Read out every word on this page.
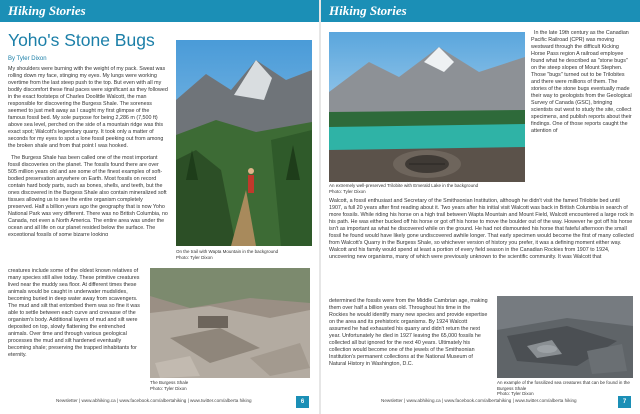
Hiking Stories
Yoho's Stone Bugs
By Tyler Dixon

My shoulders were burning with the weight of my pack. Sweat was rolling down my face, stinging my eyes. My lungs were working overtime from the last steep push to the top. But even with all my bodily discomfort these final paces were significant as they followed in the exact footsteps of Charles Doolittle Walcott, the man responsible for discovering the Burgess Shale. The soreness seemed to just melt away as I caught my first glimpse of the famous fossil bed. My sole purpose for being 2,286 m (7,500 ft) above sea level, perched on the side of a mountain ridge was this exact spot; Walcott's legendary quarry. It took only a matter of seconds for my eyes to spot a lone fossil peeking out from among the broken shale and from that point I was hooked.

The Burgess Shale has been called one of the most important fossil discoveries on the planet. The fossils found there are over 505 million years old and are some of the finest examples of soft-bodied preservation anywhere on Earth. Most fossils on record contain hard body parts, such as bones, shells, and teeth, but the ones discovered in the Burgess Shale also contain mineralized soft tissues allowing us to see the entire organism completely preserved. Half a billion years ago the geography that is now Yoho National Park was very different. There was no British Columbia, no Canada, not even a North America. The entire area was under the ocean and all life on our planet resided below the surface. The exceptional fossils of some bizarre looking

On the trail with Wapta Mountain in the background
Photo: Tyler Dixon

creatures include some of the oldest known relatives of many species still alive today. These primitive creatures lived near the muddy sea floor. At different times these animals would be caught in underwater mudslides, becoming buried in deep water away from scavengers. The mud and silt that entombed them was so fine it was able to settle between each curve and crevasse of the organism's body. Additional layers of mud and silt were deposited on top, slowly flattening the entrenched animals. Over time and through various geological processes the mud and silt hardened eventually becoming shale; preserving the trapped inhabitants for eternity.

The Burgess Shale
Photo: Tyler Dixon
Newsletter | www.abhiking.ca | www.facebook.com/albertahiking | www.twitter.com/alberta hiking	6
Hiking Stories
An extremely well-preserved Trilobite with Emerald Lake in the background
Photo: Tyler Dixon

In the late 19th century as the Canadian Pacific Railroad (CPR) was moving westward through the difficult Kicking Horse Pass region A railroad employee found what he described as "stone bugs" on the steep slopes of Mount Stephen. Those "bugs" turned out to be Trilobites and there were millions of them. The stories of the stone bugs eventually made their way to geologists from the Geological Survey of Canada (GSC), bringing scientists out west to study the site, collect specimens, and publish reports about their findings. One of those reports caught the attention of

Walcott, a fossil enthusiast and Secretary of the Smithsonian Institution, although he didn't visit the famed Trilobite bed until 1907, a full 20 years after first reading about it. Two years after his initial visit Walcott was back in British Columbia in search of more fossils. While riding his horse on a high trail between Wapta Mountain and Mount Field, Walcott encountered a large rock in his path. He was either bucked off his horse or got off his horse to move the boulder out of the way. However he got off his horse isn't as important as what he discovered while on the ground. He had not dismounted his horse that fateful afternoon the small fossil he found would have likely gone undiscovered awhile longer. That early specimen would become the first of many collected from Walcott's Quarry in the Burgess Shale, so whichever version of history you prefer, it was a defining moment either way. Walcott and his family would spend at least a portion of every field season in the Canadian Rockies from 1907 to 1924, uncovering new organisms, many of which were previously unknown to the scientific community. It was Walcott that

determined the fossils were from the Middle Cambrian age, making them over half a billion years old. Throughout his time in the Rockies he would identify many new species and provide expertise on the area and its prehistoric organisms. By 1924 Walcott assumed he had exhausted his quarry and didn't return the next year. Unfortunately he died in 1927 leaving the 65,000 fossils he collected all but ignored for the next 40 years. Ultimately his collection would become one of the jewels of the Smithsonian Institution's permanent collections at the National Museum of Natural History in Washington, D.C.

An example of the fossilized sea creatures that can be found in the Burgess Shale
Photo: Tyler Dixon
Newsletter | www.abhiking.ca | www.facebook.com/albertahiking | www.twitter.com/alberta hiking	7
